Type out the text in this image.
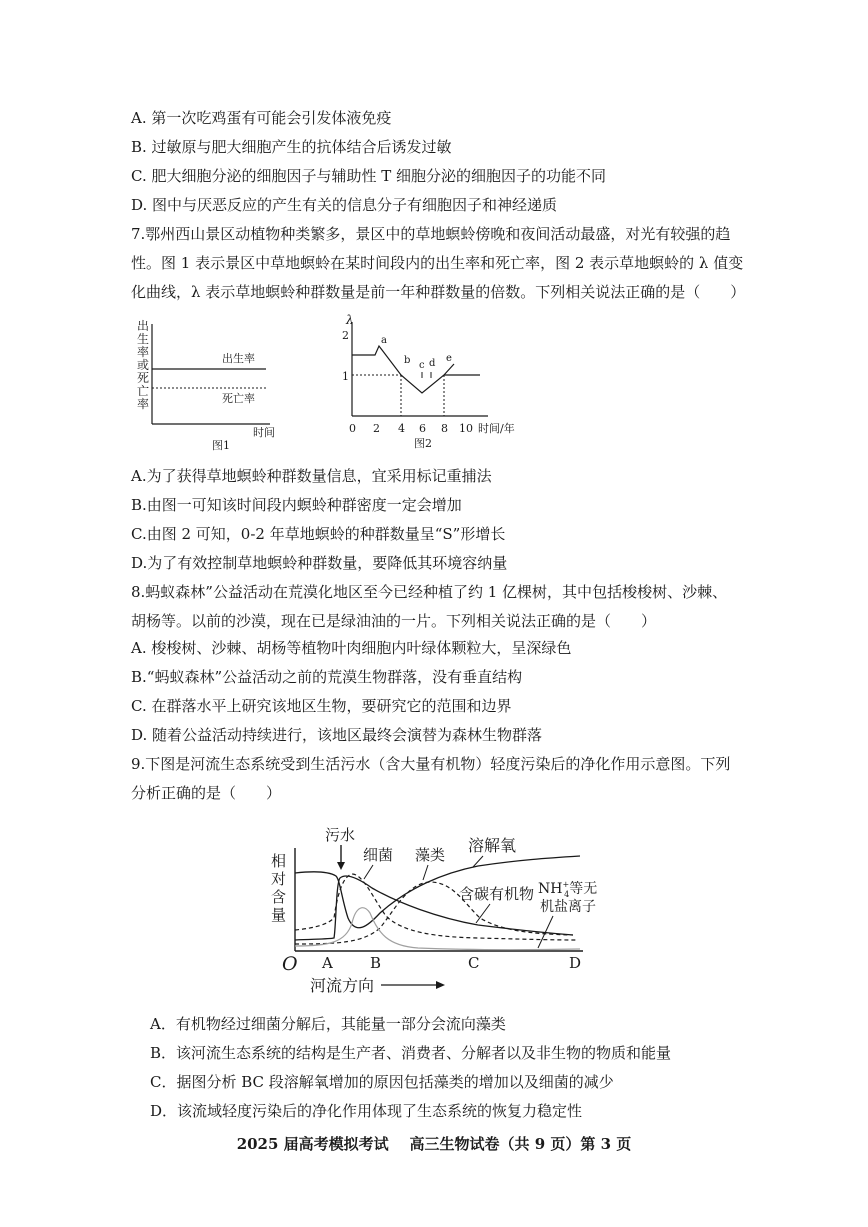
A. 第一次吃鸡蛋有可能会引发体液免疫
B. 过敏原与肥大细胞产生的抗体结合后诱发过敏
C. 肥大细胞分泌的细胞因子与辅助性 T 细胞分泌的细胞因子的功能不同
D. 图中与厌恶反应的产生有关的信息分子有细胞因子和神经递质
7.鄂州西山景区动植物种类繁多，景区中的草地螟蛉傍晚和夜间活动最盛，对光有较强的趋
性。图 1 表示景区中草地螟蛉在某时间段内的出生率和死亡率，图 2 表示草地螟蛉的 λ 值变
化曲线，λ 表示草地螟蛉种群数量是前一年种群数量的倍数。下列相关说法正确的是（　　）
出
生
率
或
死
亡
率
出生率
死亡率
时间
图1
λ
2
1
a
b c d e
0 2 4 6 8 10 时间/年
图2
A.为了获得草地螟蛉种群数量信息，宜采用标记重捕法
B.由图一可知该时间段内螟蛉种群密度一定会增加
C.由图 2 可知，0-2 年草地螟蛉的种群数量呈“S”形增长
D.为了有效控制草地螟蛉种群数量，要降低其环境容纳量
8.蚂蚁森林”公益活动在荒漠化地区至今已经种植了约 1 亿棵树，其中包括梭梭树、沙棘、
胡杨等。以前的沙漠，现在已是绿油油的一片。下列相关说法正确的是（　　）
A. 梭梭树、沙棘、胡杨等植物叶肉细胞内叶绿体颗粒大，呈深绿色
B.“蚂蚁森林”公益活动之前的荒漠生物群落，没有垂直结构
C. 在群落水平上研究该地区生物，要研究它的范围和边界
D. 随着公益活动持续进行，该地区最终会演替为森林生物群落
9.下图是河流生态系统受到生活污水（含大量有机物）轻度污染后的净化作用示意图。下列
分析正确的是（　　）
相
对
含
量
污水
细菌 藻类 溶解氧
含碳有机物 NH+ 4等无
机盐离子
O A B	C	D
河流方向
A．有机物经过细菌分解后，其能量一部分会流向藻类
B．该河流生态系统的结构是生产者、消费者、分解者以及非生物的物质和能量
C．据图分析 BC 段溶解氧增加的原因包括藻类的增加以及细菌的减少
D．该流域轻度污染后的净化作用体现了生态系统的恢复力稳定性
2025 届高考模拟考试    高三生物试卷（共 9 页）第 3 页
